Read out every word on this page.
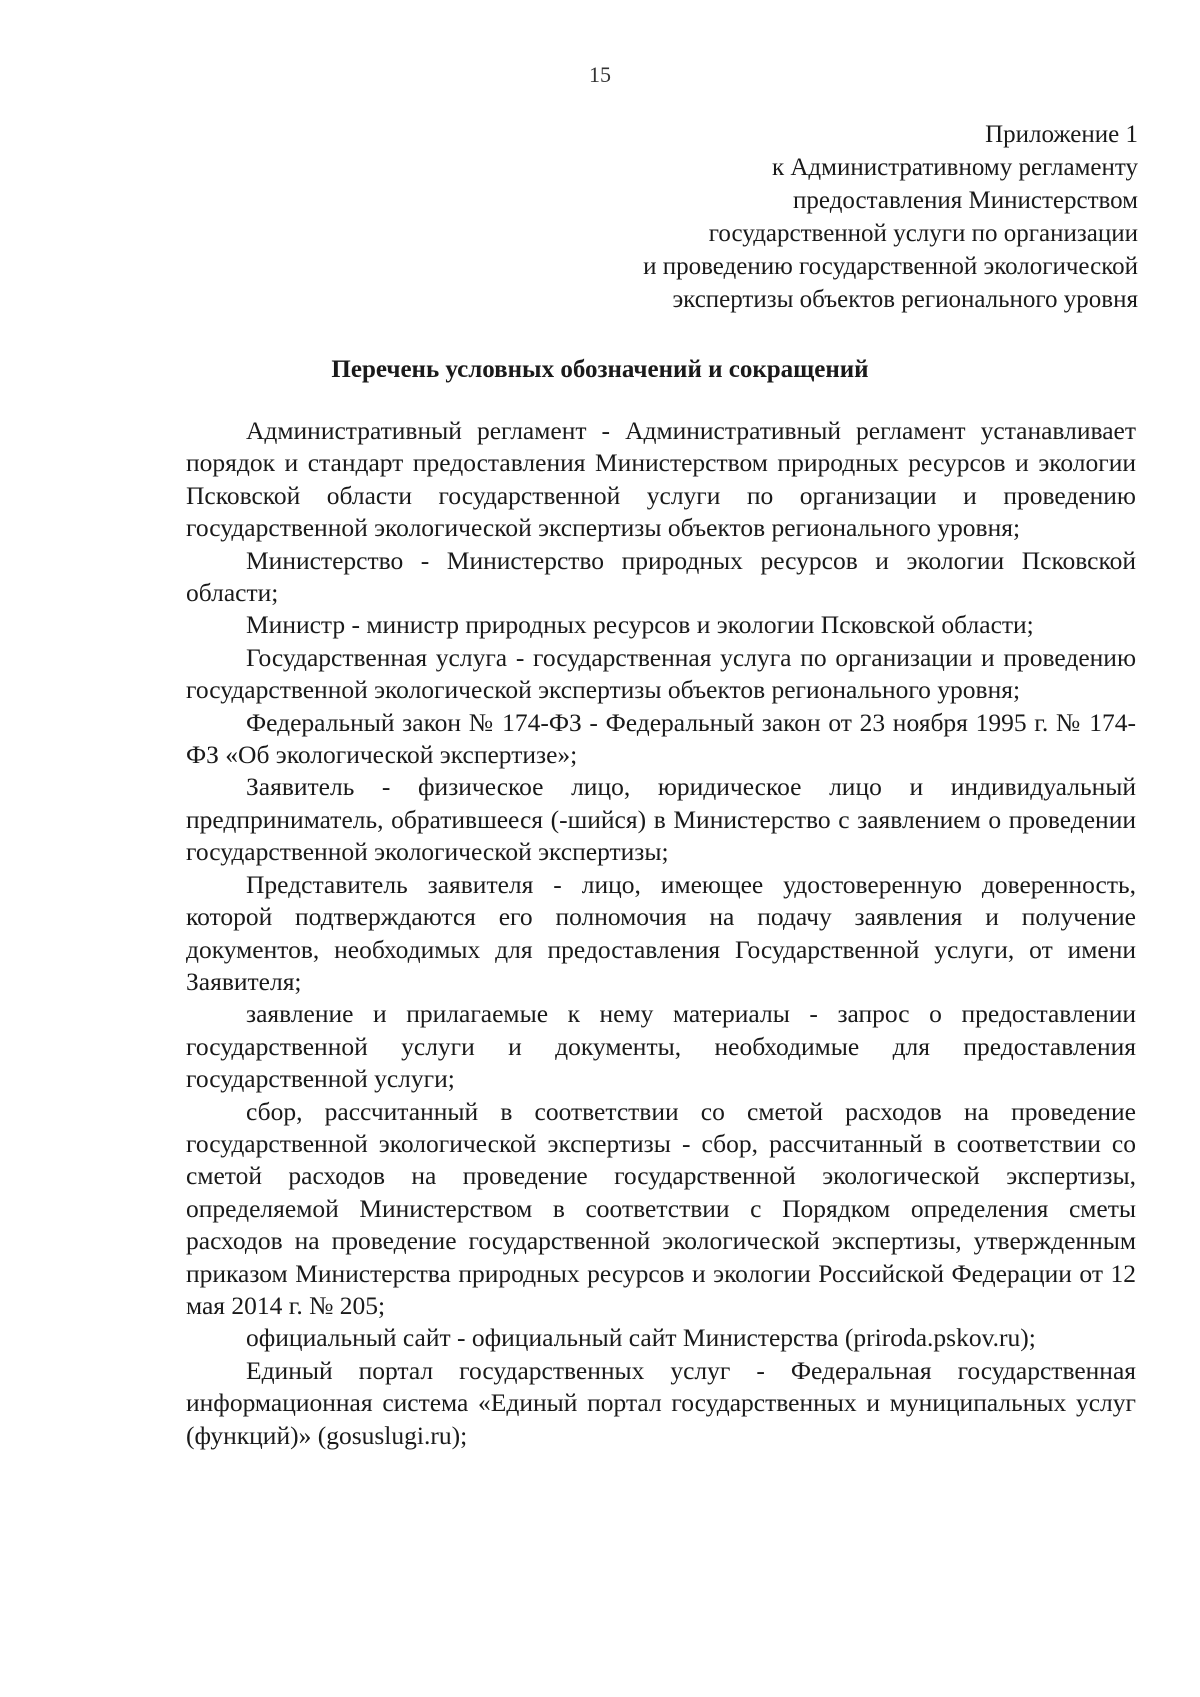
15
Приложение 1
к Административному регламенту
предоставления Министерством
государственной услуги по организации
и проведению государственной экологической
экспертизы объектов регионального уровня
Перечень условных обозначений и сокращений

Административный регламент - Административный регламент устанавливает порядок и стандарт предоставления Министерством природных ресурсов и экологии Псковской области государственной услуги по организации и проведению государственной экологической экспертизы объектов регионального уровня;

Министерство - Министерство природных ресурсов и экологии Псковской области;

Министр - министр природных ресурсов и экологии Псковской области;

Государственная услуга - государственная услуга по организации и проведению государственной экологической экспертизы объектов регионального уровня;

Федеральный закон № 174-ФЗ - Федеральный закон от 23 ноября 1995 г. № 174-ФЗ «Об экологической экспертизе»;

Заявитель - физическое лицо, юридическое лицо и индивидуальный предприниматель, обратившееся (-шийся) в Министерство с заявлением о проведении государственной экологической экспертизы;

Представитель заявителя - лицо, имеющее удостоверенную доверенность, которой подтверждаются его полномочия на подачу заявления и получение документов, необходимых для предоставления Государственной услуги, от имени Заявителя;

заявление и прилагаемые к нему материалы - запрос о предоставлении государственной услуги и документы, необходимые для предоставления государственной услуги;

сбор, рассчитанный в соответствии со сметой расходов на проведение государственной экологической экспертизы - сбор, рассчитанный в соответствии со сметой расходов на проведение государственной экологической экспертизы, определяемой Министерством в соответствии с Порядком определения сметы расходов на проведение государственной экологической экспертизы, утвержденным приказом Министерства природных ресурсов и экологии Российской Федерации от 12 мая 2014 г. № 205;

официальный сайт - официальный сайт Министерства (priroda.pskov.ru);

Единый портал государственных услуг - Федеральная государственная информационная система «Единый портал государственных и муниципальных услуг (функций)» (gosuslugi.ru);
